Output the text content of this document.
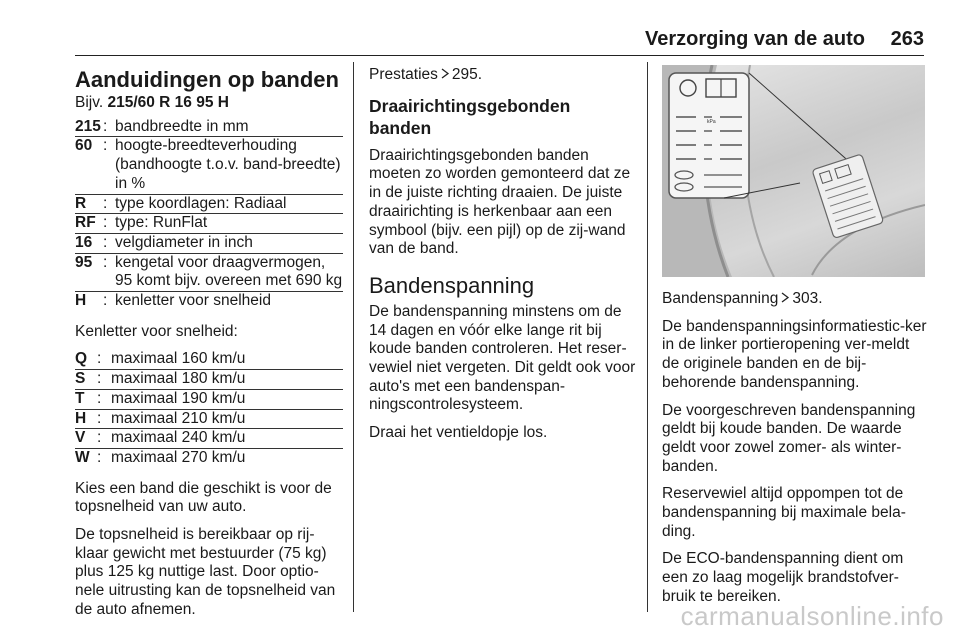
Verzorging van de auto 263
Aanduidingen op banden
Bijv. 215/60 R 16 95 H
215 : bandbreedte in mm
60 : hoogte-breedteverhouding (bandhoogte t.o.v. band-breedte) in %
R	: type koordlagen: Radiaal
RF : type: RunFlat
16 : velgdiameter in inch
95 : kengetal voor draagvermogen, 95 komt bijv. overeen met 690 kg
H	: kenletter voor snelheid

Kenletter voor snelheid:

Q : maximaal 160 km/u
S : maximaal 180 km/u
T : maximaal 190 km/u
H : maximaal 210 km/u
V : maximaal 240 km/u
W : maximaal 270 km/u

Kies een band die geschikt is voor de topsnelheid van uw auto.

De topsnelheid is bereikbaar op rij-klaar gewicht met bestuurder (75 kg) plus 125 kg nuttige last. Door optio-nele uitrusting kan de topsnelheid van de auto afnemen.

Prestaties 295.

Draairichtingsgebonden banden

Draairichtingsgebonden banden moeten zo worden gemonteerd dat ze in de juiste richting draaien. De juiste draairichting is herkenbaar aan een symbool (bijv. een pijl) op de zij-wand van de band.

Bandenspanning

De bandenspanning minstens om de 14 dagen en vóór elke lange rit bij koude banden controleren. Het reser-vewiel niet vergeten. Dit geldt ook voor auto's met een bandenspan-ningscontrolesysteem.

Draai het ventieldopje los.

kPa

Bandenspanning 303.

De bandenspanningsinformatiestic-ker in de linker portieropening ver-meldt de originele banden en de bij-behorende bandenspanning.

De voorgeschreven bandenspanning geldt bij koude banden. De waarde geldt voor zowel zomer- als winter-banden.

Reservewiel altijd oppompen tot de bandenspanning bij maximale bela-ding.

De ECO-bandenspanning dient om een zo laag mogelijk brandstofver-bruik te bereiken.

carmanualsonline.info
